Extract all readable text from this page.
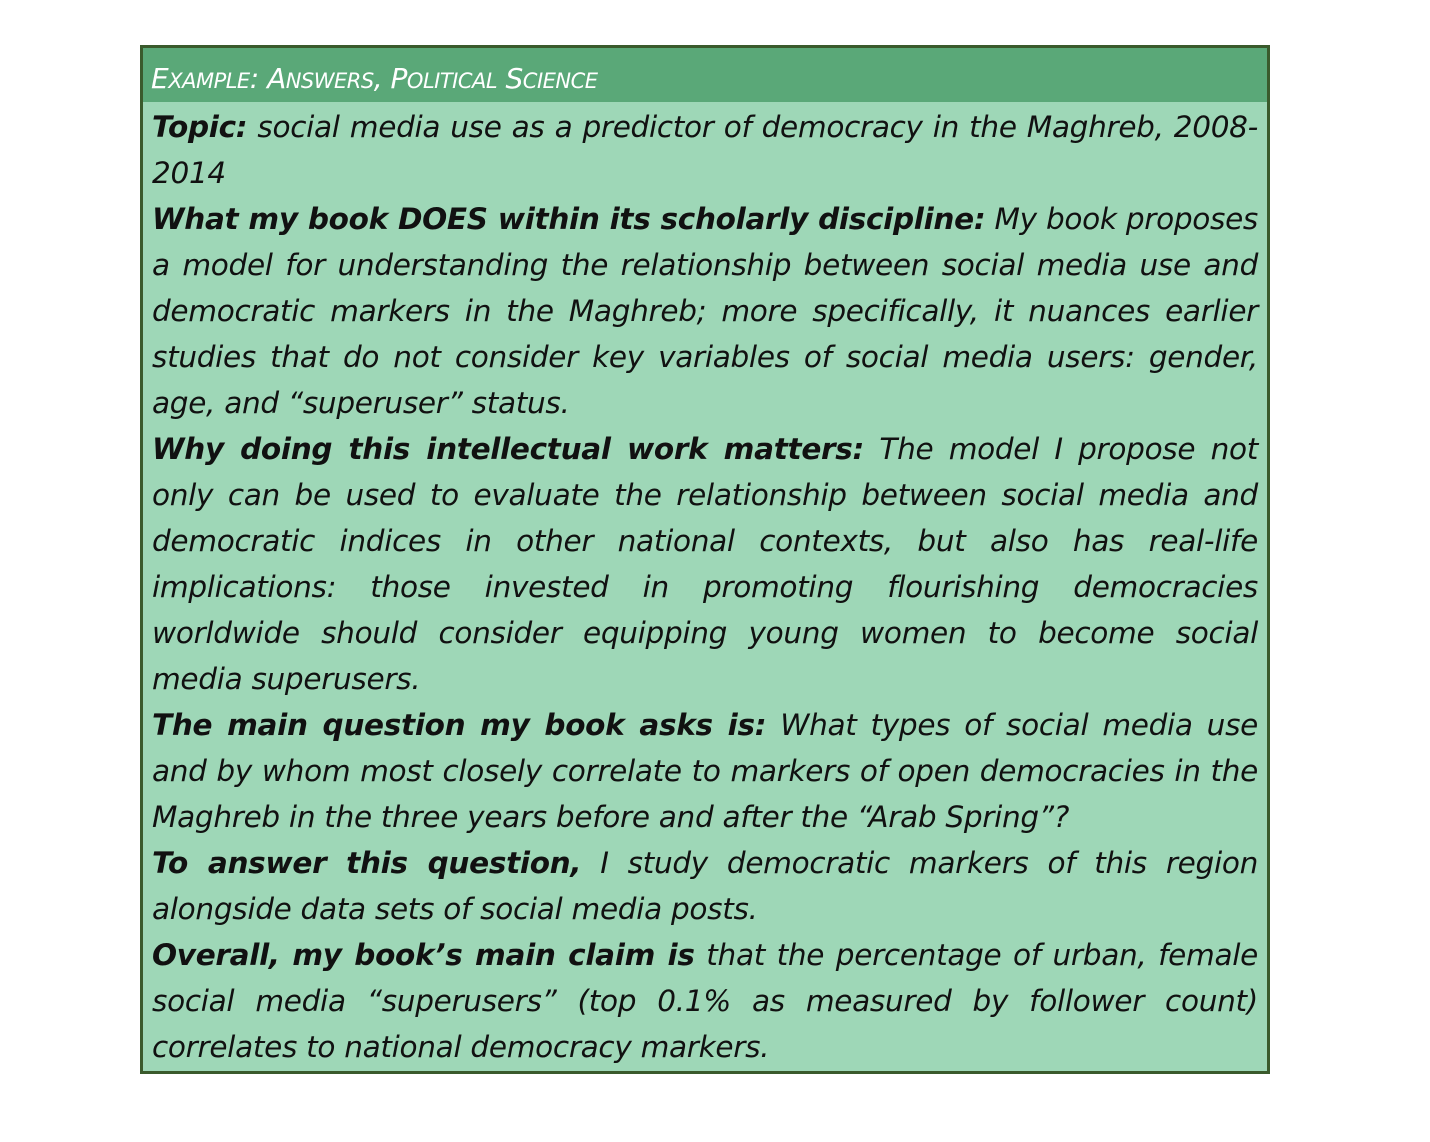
EXAMPLE: ANSWERS, POLITICAL SCIENCE

Topic: social media use as a predictor of democracy in the Maghreb, 2008-2014

What my book DOES within its scholarly discipline: My book proposes a model for understanding the relationship between social media use and democratic markers in the Maghreb; more specifically, it nuances earlier studies that do not consider key variables of social media users: gender, age, and “superuser” status.

Why doing this intellectual work matters: The model I propose not only can be used to evaluate the relationship between social media and democratic indices in other national contexts, but also has real-life implications: those invested in promoting flourishing democracies worldwide should consider equipping young women to become social media superusers.

The main question my book asks is: What types of social media use and by whom most closely correlate to markers of open democracies in the Maghreb in the three years before and after the “Arab Spring”?

To answer this question, I study democratic markers of this region alongside data sets of social media posts.

Overall, my book’s main claim is that the percentage of urban, female social media “superusers” (top 0.1% as measured by follower count) correlates to national democracy markers.
